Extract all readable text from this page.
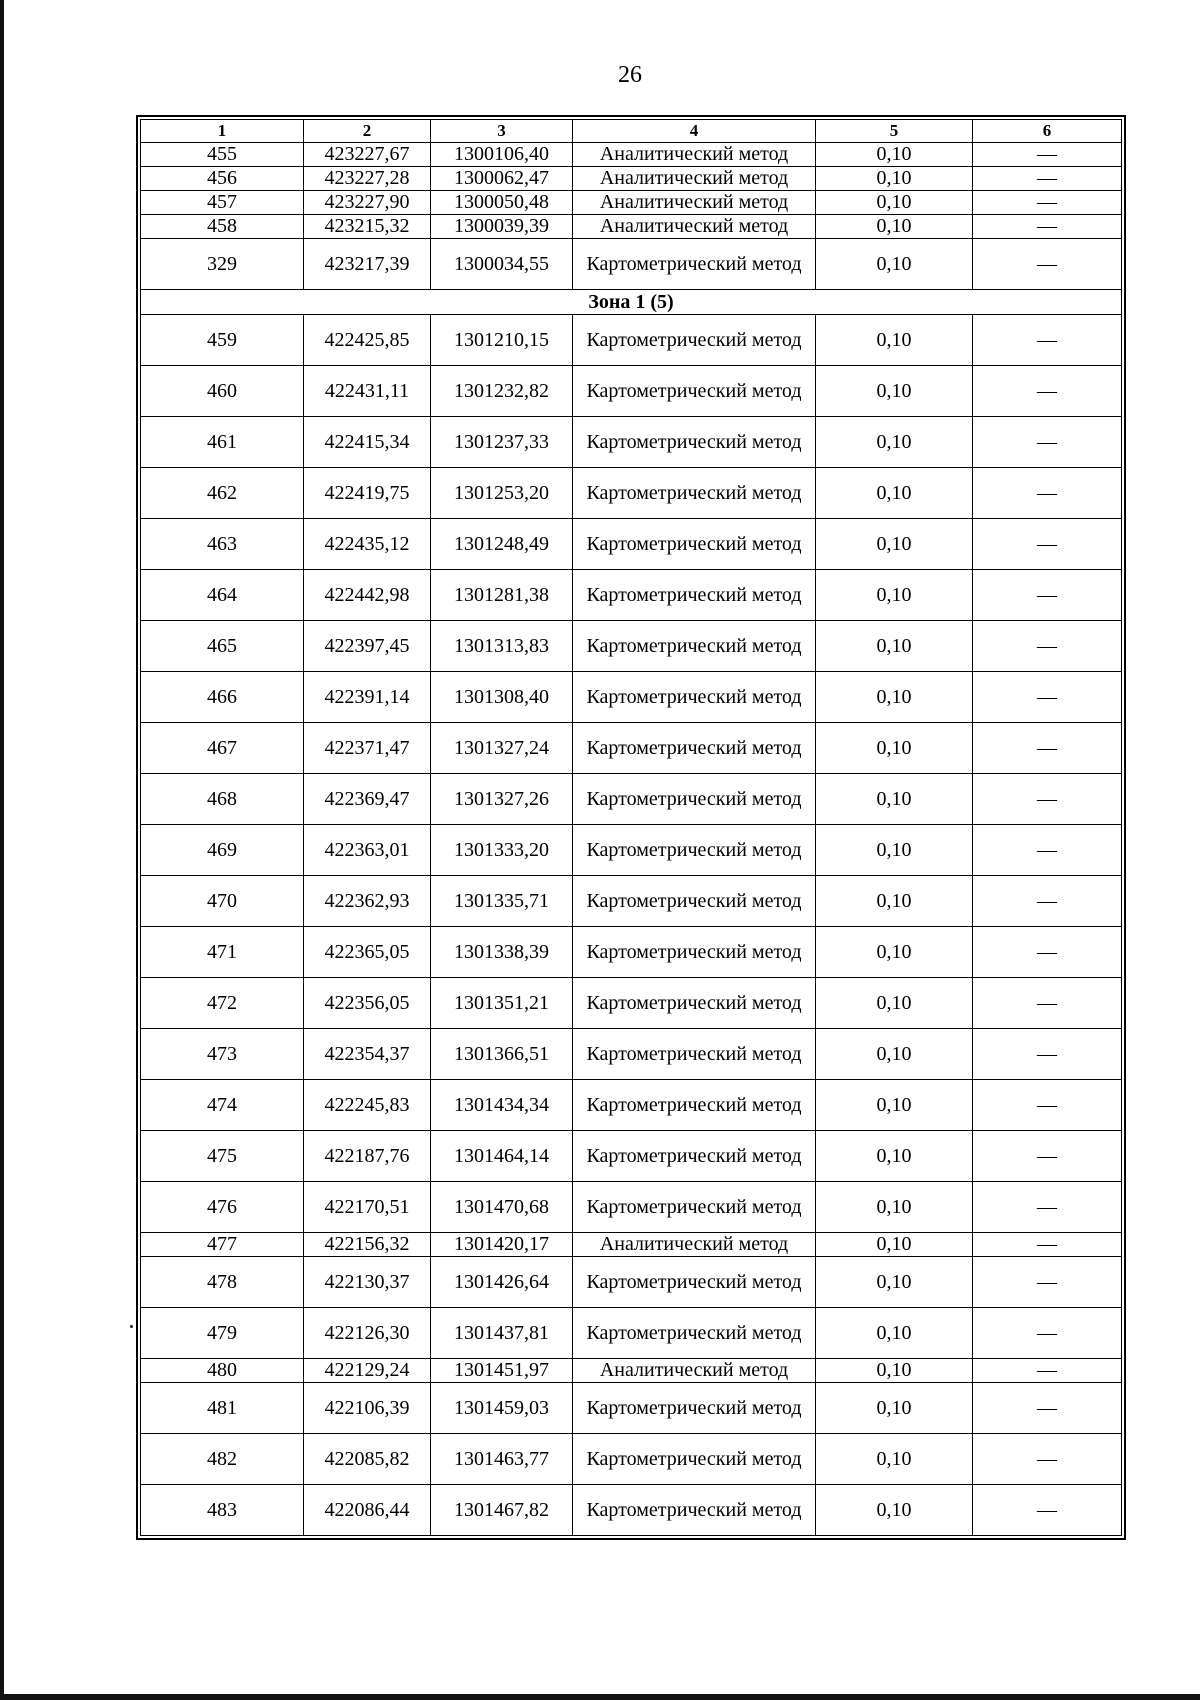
26
1	2	3	4	5	6
455	423227,67	1300106,40	Аналитический метод	0,10	—
456	423227,28	1300062,47	Аналитический метод	0,10	—
457	423227,90	1300050,48	Аналитический метод	0,10	—
458	423215,32	1300039,39	Аналитический метод	0,10	—
329	423217,39	1300034,55	Картометрический метод	0,10	—
Зона 1 (5)					
459	422425,85	1301210,15	Картометрический метод	0,10	—
460	422431,11	1301232,82	Картометрический метод	0,10	—
461	422415,34	1301237,33	Картометрический метод	0,10	—
462	422419,75	1301253,20	Картометрический метод	0,10	—
463	422435,12	1301248,49	Картометрический метод	0,10	—
464	422442,98	1301281,38	Картометрический метод	0,10	—
465	422397,45	1301313,83	Картометрический метод	0,10	—
466	422391,14	1301308,40	Картометрический метод	0,10	—
467	422371,47	1301327,24	Картометрический метод	0,10	—
468	422369,47	1301327,26	Картометрический метод	0,10	—
469	422363,01	1301333,20	Картометрический метод	0,10	—
470	422362,93	1301335,71	Картометрический метод	0,10	—
471	422365,05	1301338,39	Картометрический метод	0,10	—
472	422356,05	1301351,21	Картометрический метод	0,10	—
473	422354,37	1301366,51	Картометрический метод	0,10	—
474	422245,83	1301434,34	Картометрический метод	0,10	—
475	422187,76	1301464,14	Картометрический метод	0,10	—
476	422170,51	1301470,68	Картометрический метод	0,10	—
477	422156,32	1301420,17	Аналитический метод	0,10	—
478	422130,37	1301426,64	Картометрический метод	0,10	—
479	422126,30	1301437,81	Картометрический метод	0,10	—
480	422129,24	1301451,97	Аналитический метод	0,10	—
481	422106,39	1301459,03	Картометрический метод	0,10	—
482	422085,82	1301463,77	Картометрический метод	0,10	—
483	422086,44	1301467,82	Картометрический метод	0,10	—
